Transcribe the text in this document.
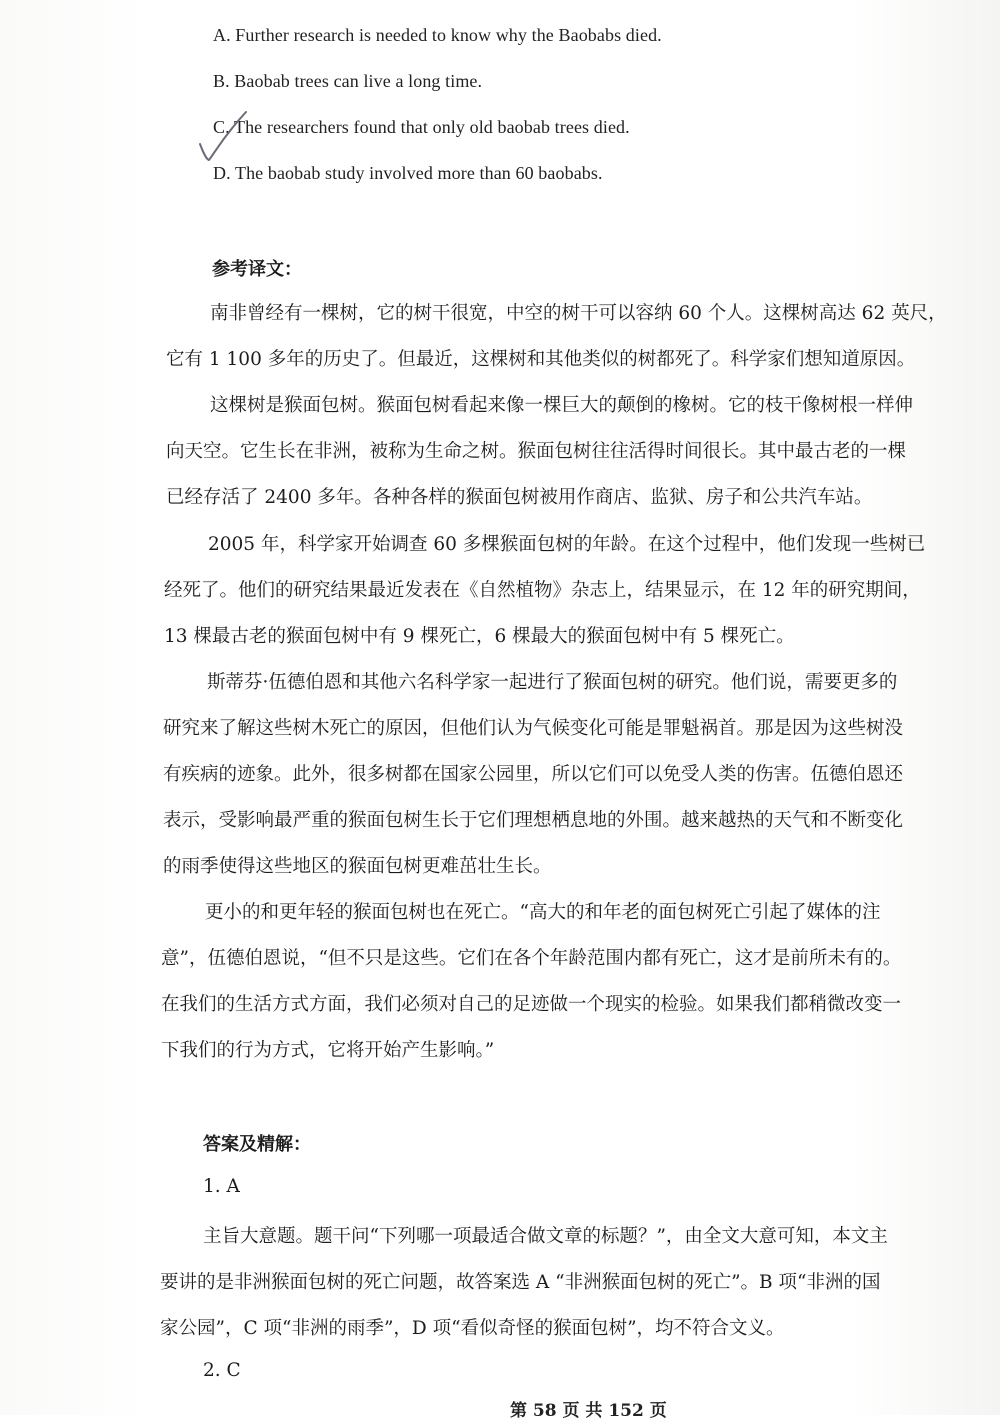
A. Further research is needed to know why the Baobabs died.
B. Baobab trees can live a long time.
C. The researchers found that only old baobab trees died.
D. The baobab study involved more than 60 baobabs.
参考译文：
南非曾经有一棵树，它的树干很宽，中空的树干可以容纳 60 个人。这棵树高达 62 英尺，
它有 1 100 多年的历史了。但最近，这棵树和其他类似的树都死了。科学家们想知道原因。
这棵树是猴面包树。猴面包树看起来像一棵巨大的颠倒的橡树。它的枝干像树根一样伸
向天空。它生长在非洲，被称为生命之树。猴面包树往往活得时间很长。其中最古老的一棵
已经存活了 2400 多年。各种各样的猴面包树被用作商店、监狱、房子和公共汽车站。
2005 年，科学家开始调查 60 多棵猴面包树的年龄。在这个过程中，他们发现一些树已
经死了。他们的研究结果最近发表在《自然植物》杂志上，结果显示，在 12 年的研究期间，
13 棵最古老的猴面包树中有 9 棵死亡，6 棵最大的猴面包树中有 5 棵死亡。
斯蒂芬·伍德伯恩和其他六名科学家一起进行了猴面包树的研究。他们说，需要更多的
研究来了解这些树木死亡的原因，但他们认为气候变化可能是罪魁祸首。那是因为这些树没
有疾病的迹象。此外，很多树都在国家公园里，所以它们可以免受人类的伤害。伍德伯恩还
表示，受影响最严重的猴面包树生长于它们理想栖息地的外围。越来越热的天气和不断变化
的雨季使得这些地区的猴面包树更难茁壮生长。
更小的和更年轻的猴面包树也在死亡。“高大的和年老的面包树死亡引起了媒体的注
意”，伍德伯恩说，“但不只是这些。它们在各个年龄范围内都有死亡，这才是前所未有的。
在我们的生活方式方面，我们必须对自己的足迹做一个现实的检验。如果我们都稍微改变一
下我们的行为方式，它将开始产生影响。”
答案及精解：
1. A
主旨大意题。题干问“下列哪一项最适合做文章的标题？”，由全文大意可知，本文主
要讲的是非洲猴面包树的死亡问题，故答案选 A “非洲猴面包树的死亡”。B 项“非洲的国
家公园”，C 项“非洲的雨季”，D 项“看似奇怪的猴面包树”，均不符合文义。
2. C
第 58 页 共 152 页
